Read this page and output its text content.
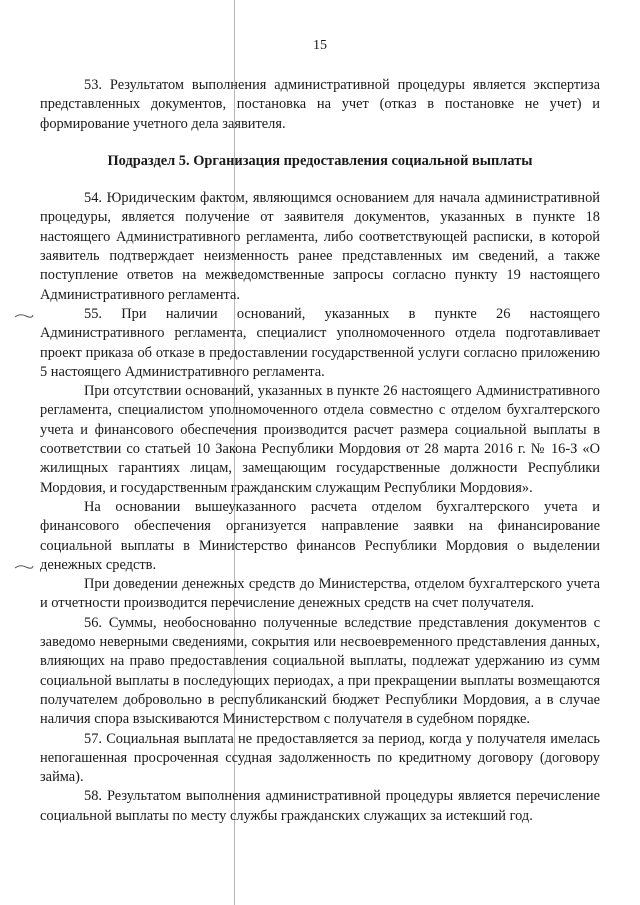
15

53. Результатом выполнения административной процедуры является экспертиза представленных документов, постановка на учет (отказ в постановке не учет) и формирование учетного дела заявителя.

Подраздел 5. Организация предоставления социальной выплаты

54. Юридическим фактом, являющимся основанием для начала административной процедуры, является получение от заявителя документов, указанных в пункте 18 настоящего Административного регламента, либо соответствующей расписки, в которой заявитель подтверждает неизменность ранее представленных им сведений, а также поступление ответов на межведомственные запросы согласно пункту 19 настоящего Административного регламента.

55. При наличии оснований, указанных в пункте 26 настоящего Административного регламента, специалист уполномоченного отдела подготавливает проект приказа об отказе в предоставлении государственной услуги согласно приложению 5 настоящего Административного регламента.

При отсутствии оснований, указанных в пункте 26 настоящего Административного регламента, специалистом уполномоченного отдела совместно с отделом бухгалтерского учета и финансового обеспечения производится расчет размера социальной выплаты в соответствии со статьей 10 Закона Республики Мордовия от 28 марта 2016 г. № 16-З «О жилищных гарантиях лицам, замещающим государственные должности Республики Мордовия, и государственным гражданским служащим Республики Мордовия».

На основании вышеуказанного расчета отделом бухгалтерского учета и финансового обеспечения организуется направление заявки на финансирование социальной выплаты в Министерство финансов Республики Мордовия о выделении денежных средств.

При доведении денежных средств до Министерства, отделом бухгалтерского учета и отчетности производится перечисление денежных средств на счет получателя.

56. Суммы, необоснованно полученные вследствие представления документов с заведомо неверными сведениями, сокрытия или несвоевременного представления данных, влияющих на право предоставления социальной выплаты, подлежат удержанию из сумм социальной выплаты в последующих периодах, а при прекращении выплаты возмещаются получателем добровольно в республиканский бюджет Республики Мордовия, а в случае наличия спора взыскиваются Министерством с получателя в судебном порядке.

57. Социальная выплата не предоставляется за период, когда у получателя имелась непогашенная просроченная ссудная задолженность по кредитному договору (договору займа).

58. Результатом выполнения административной процедуры является перечисление социальной выплаты по месту службы гражданских служащих за истекший год.
